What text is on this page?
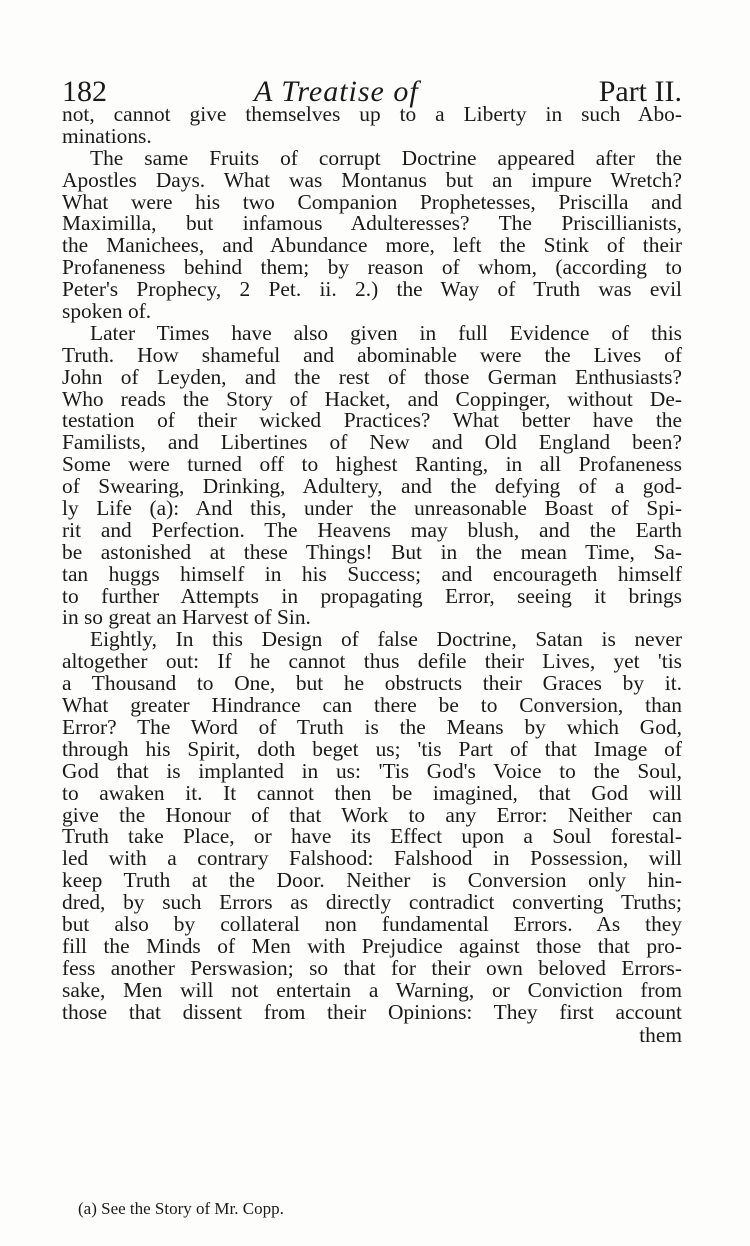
182	A Treatise of	Part II.
not, cannot give themselves up to a Liberty in such Abo-
minations.
The same Fruits of corrupt Doctrine appeared after the
Apostles Days. What was Montanus but an impure Wretch?
What were his two Companion Prophetesses, Priscilla and
Maximilla, but infamous Adulteresses? The Priscillianists,
the Manichees, and Abundance more, left the Stink of their
Profaneness behind them; by reason of whom, (according to
Peter's Prophecy, 2 Pet. ii. 2.) the Way of Truth was evil
spoken of.
Later Times have also given in full Evidence of this
Truth. How shameful and abominable were the Lives of
John of Leyden, and the rest of those German Enthusiasts?
Who reads the Story of Hacket, and Coppinger, without De-
testation of their wicked Practices? What better have the
Familists, and Libertines of New and Old England been?
Some were turned off to highest Ranting, in all Profaneness
of Swearing, Drinking, Adultery, and the defying of a god-
ly Life (a): And this, under the unreasonable Boast of Spi-
rit and Perfection. The Heavens may blush, and the Earth
be astonished at these Things! But in the mean Time, Sa-
tan huggs himself in his Success; and encourageth himself
to further Attempts in propagating Error, seeing it brings
in so great an Harvest of Sin.
Eightly, In this Design of false Doctrine, Satan is never
altogether out: If he cannot thus defile their Lives, yet 'tis
a Thousand to One, but he obstructs their Graces by it.
What greater Hindrance can there be to Conversion, than
Error? The Word of Truth is the Means by which God,
through his Spirit, doth beget us; 'tis Part of that Image of
God that is implanted in us: 'Tis God's Voice to the Soul,
to awaken it. It cannot then be imagined, that God will
give the Honour of that Work to any Error: Neither can
Truth take Place, or have its Effect upon a Soul forestal-
led with a contrary Falshood: Falshood in Possession, will
keep Truth at the Door. Neither is Conversion only hin-
dred, by such Errors as directly contradict converting Truths;
but also by collateral non fundamental Errors. As they
fill the Minds of Men with Prejudice against those that pro-
fess another Perswasion; so that for their own beloved Errors-
sake, Men will not entertain a Warning, or Conviction from
those that dissent from their Opinions: They first account
them
(a) See the Story of Mr. Copp.
